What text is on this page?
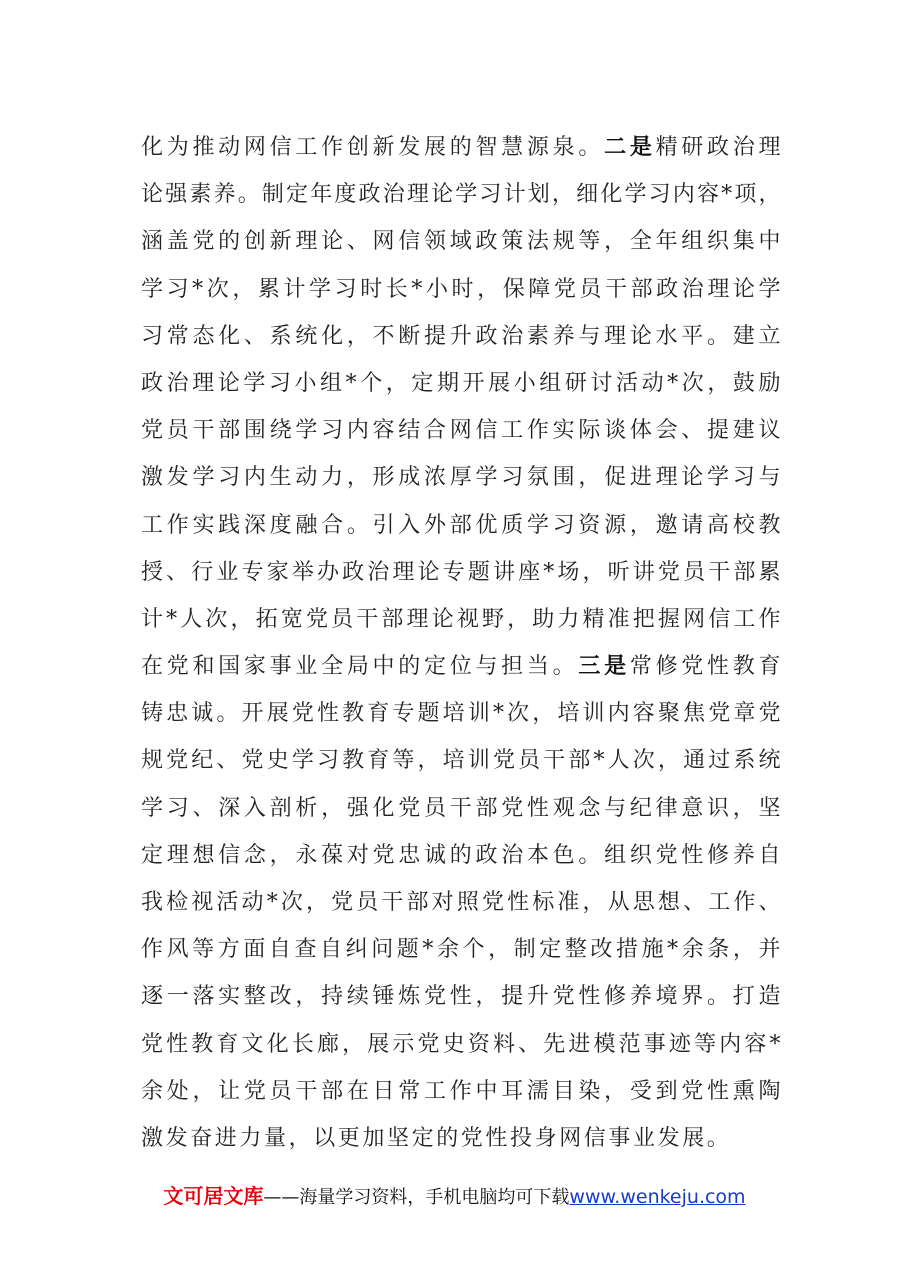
化为推动网信工作创新发展的智慧源泉。二是精研政治理
论强素养。制定年度政治理论学习计划，细化学习内容*项，
涵盖党的创新理论、网信领域政策法规等，全年组织集中
学习*次，累计学习时长*小时，保障党员干部政治理论学
习常态化、系统化，不断提升政治素养与理论水平。建立
政治理论学习小组*个，定期开展小组研讨活动*次，鼓励
党员干部围绕学习内容结合网信工作实际谈体会、提建议
激发学习内生动力，形成浓厚学习氛围，促进理论学习与
工作实践深度融合。引入外部优质学习资源，邀请高校教
授、行业专家举办政治理论专题讲座*场，听讲党员干部累
计*人次，拓宽党员干部理论视野，助力精准把握网信工作
在党和国家事业全局中的定位与担当。三是常修党性教育
铸忠诚。开展党性教育专题培训*次，培训内容聚焦党章党
规党纪、党史学习教育等，培训党员干部*人次，通过系统
学习、深入剖析，强化党员干部党性观念与纪律意识，坚
定理想信念，永葆对党忠诚的政治本色。组织党性修养自
我检视活动*次，党员干部对照党性标准，从思想、工作、
作风等方面自查自纠问题*余个，制定整改措施*余条，并
逐一落实整改，持续锤炼党性，提升党性修养境界。打造
党性教育文化长廊，展示党史资料、先进模范事迹等内容*
余处，让党员干部在日常工作中耳濡目染，受到党性熏陶
激发奋进力量，以更加坚定的党性投身网信事业发展。
文可居文库——海量学习资料，手机电脑均可下载www.wenkeju.com
